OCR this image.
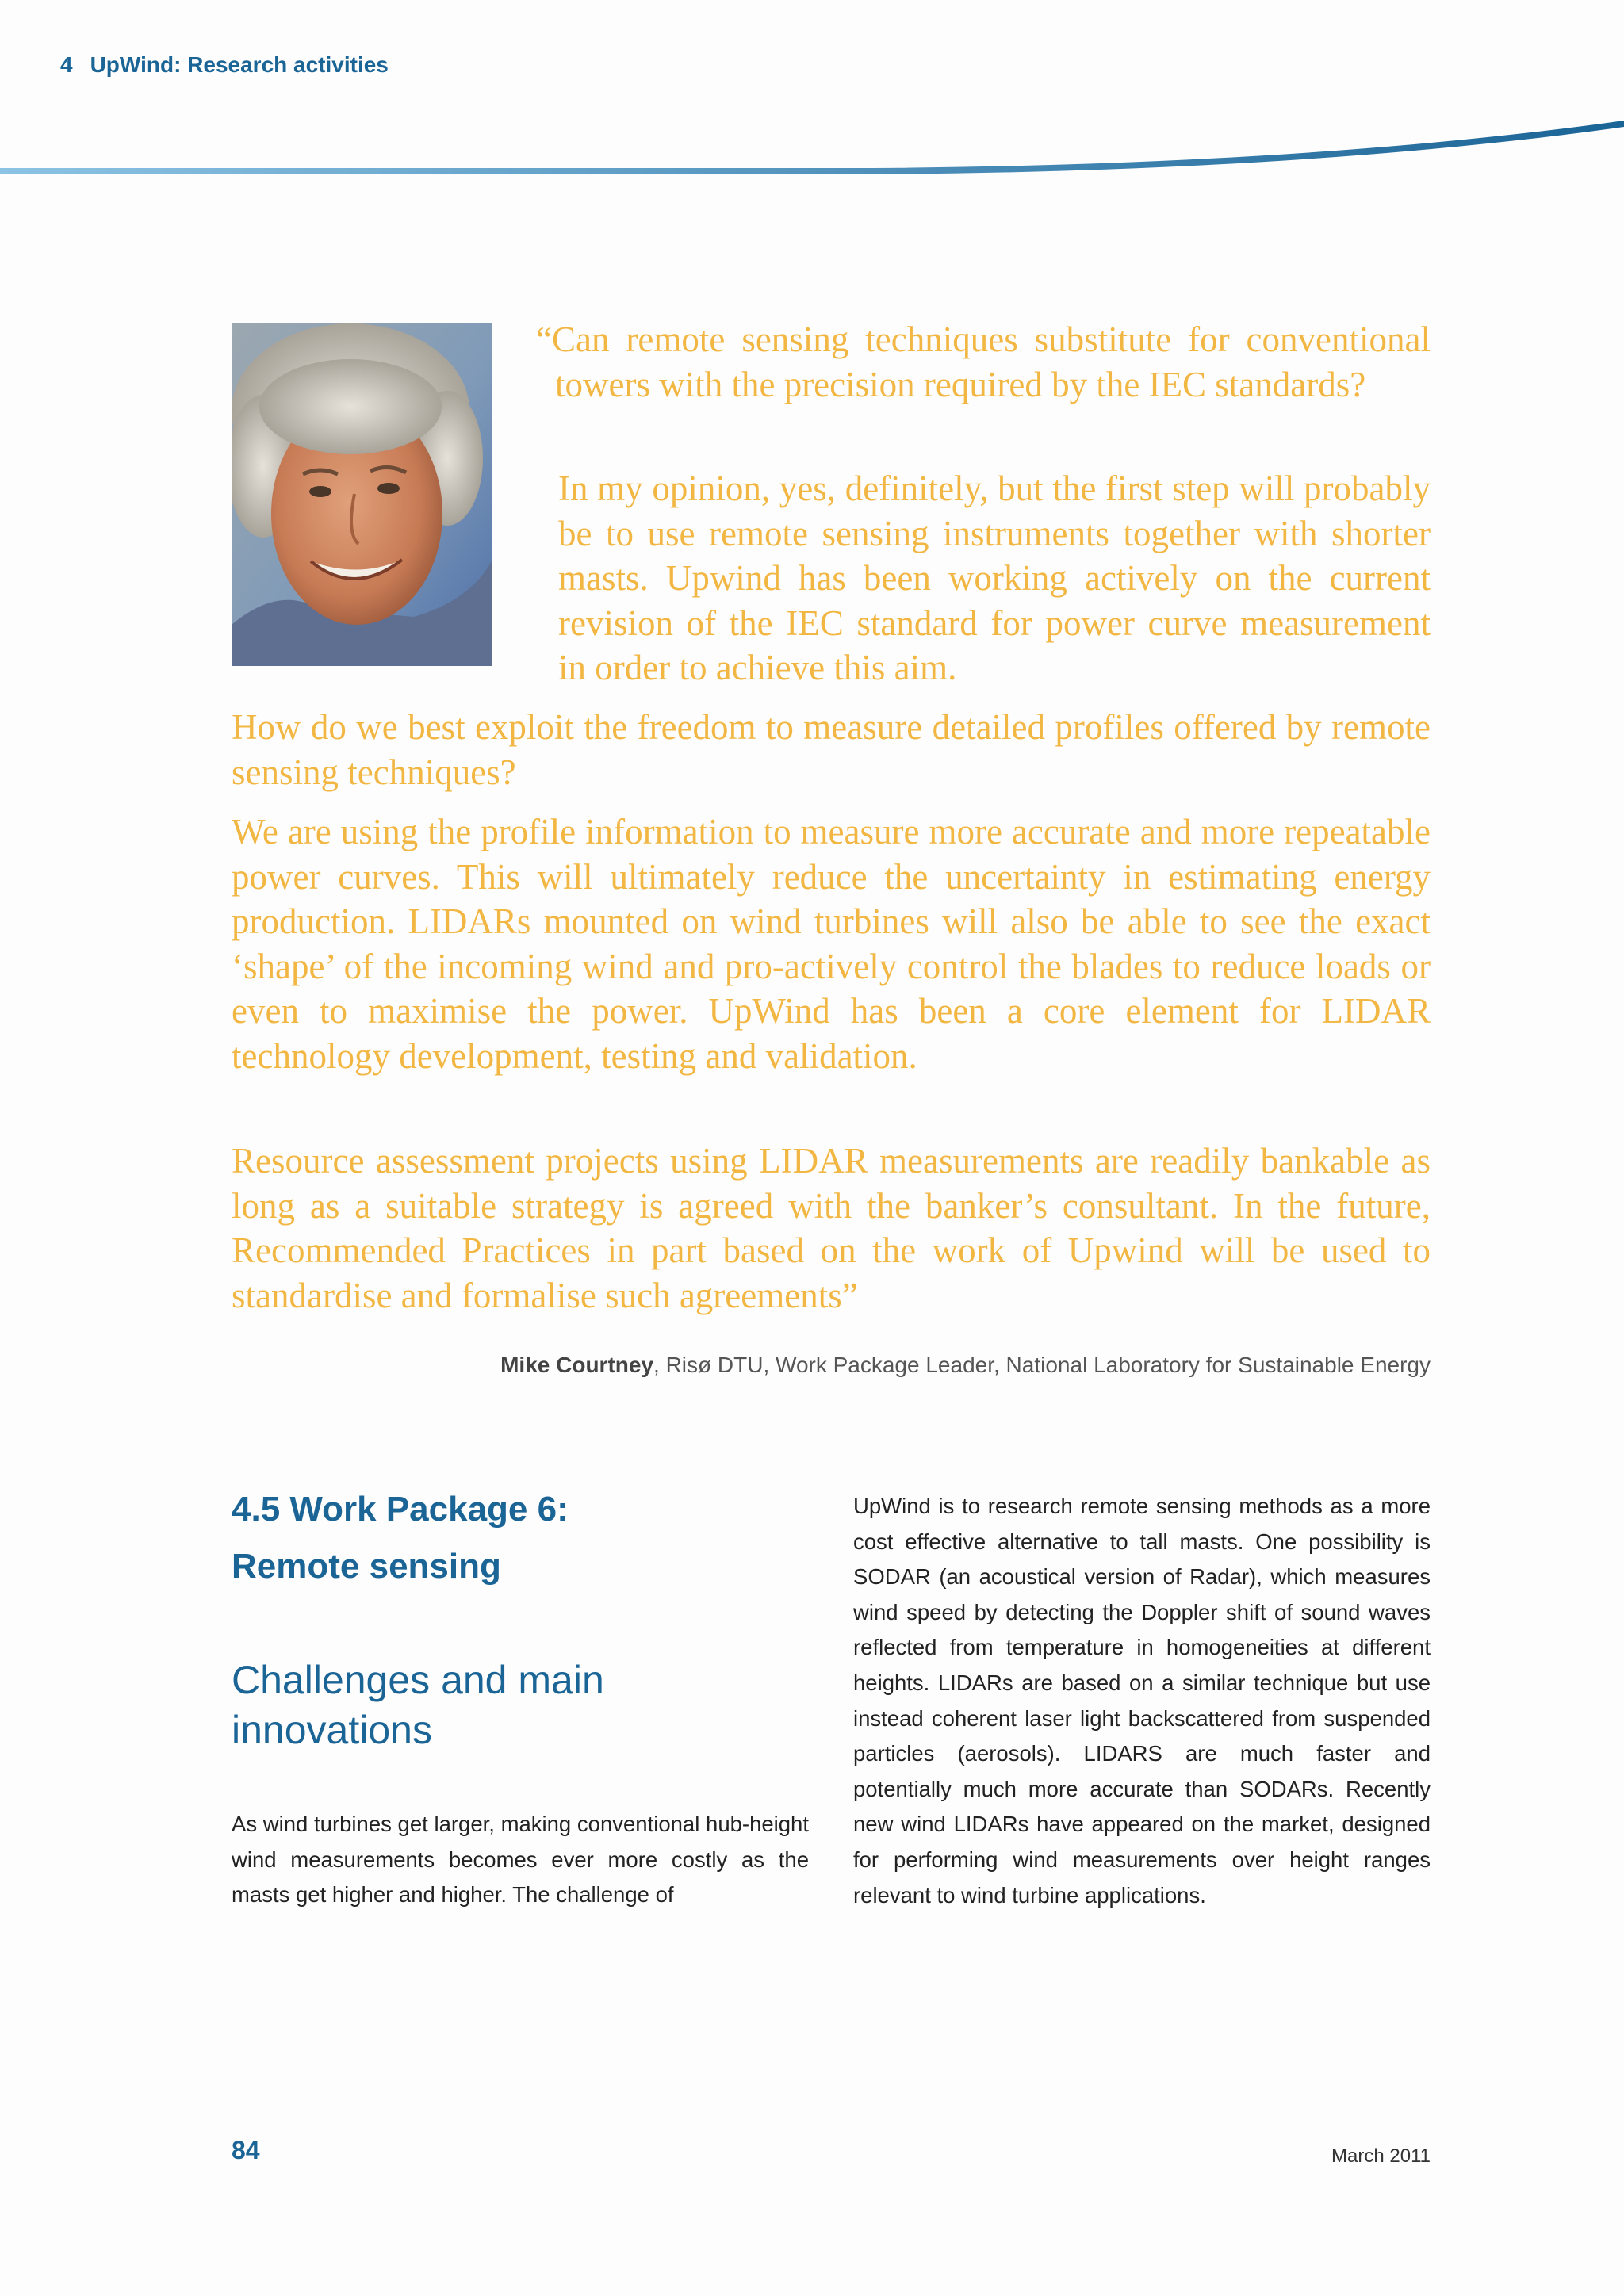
4 UpWind: Research activities

“Can remote sensing techniques substitute for conventional towers with the precision required by the IEC standards?

In my opinion, yes, definitely, but the first step will probably be to use remote sensing instruments together with shorter masts. Upwind has been working actively on the current revision of the IEC standard for power curve measurement in order to achieve this aim.

How do we best exploit the freedom to measure detailed profiles offered by remote sensing techniques?

We are using the profile information to measure more accurate and more repeatable power curves. This will ultimately reduce the uncertainty in estimating energy production. LIDARs mounted on wind turbines will also be able to see the exact ‘shape’ of the incoming wind and pro-actively control the blades to reduce loads or even to maximise the power. UpWind has been a core element for LIDAR technology development, testing and validation.

Resource assessment projects using LIDAR measurements are readily bankable as long as a suitable strategy is agreed with the banker’s consultant. In the future, Recommended Practices in part based on the work of Upwind will be used to standardise and formalise such agreements”

Mike Courtney, Risø DTU, Work Package Leader, National Laboratory for Sustainable Energy
4.5 Work Package 6:
Remote sensing
Challenges and main
innovations

As wind turbines get larger, making conventional hub-height wind measurements becomes ever more costly as the masts get higher and higher. The challenge of

UpWind is to research remote sensing methods as a more cost effective alternative to tall masts. One possibility is SODAR (an acoustical version of Radar), which measures wind speed by detecting the Doppler shift of sound waves reflected from temperature in homogeneities at different heights. LIDARs are based on a similar technique but use instead coherent laser light backscattered from suspended particles (aerosols). LIDARS are much faster and potentially much more accurate than SODARs. Recently new wind LIDARs have appeared on the market, designed for performing wind measurements over height ranges relevant to wind turbine applications.

84	March 2011
